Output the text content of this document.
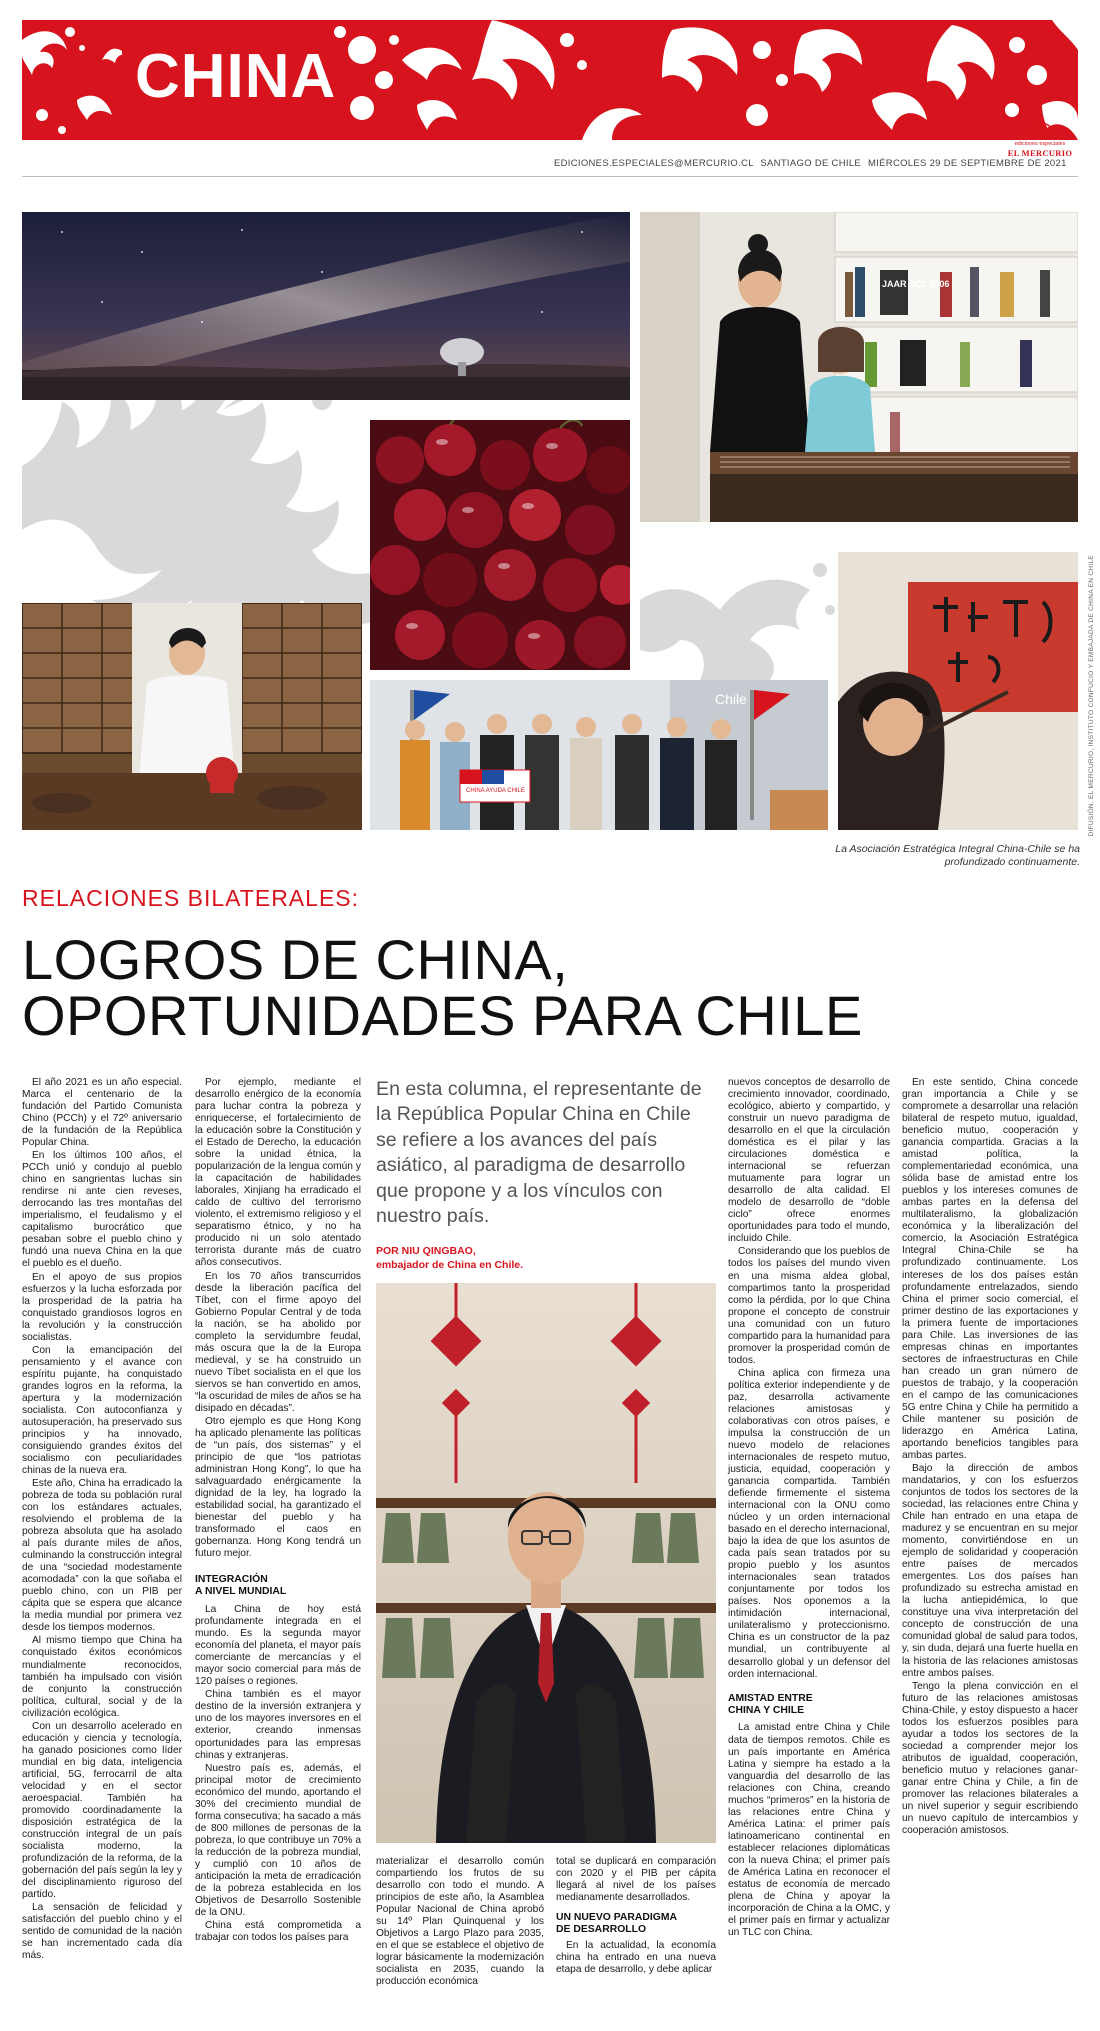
CHINA
ediciones especiales
EL MERCURIO
EDICIONES.ESPECIALES@MERCURIO.CL SANTIAGO DE CHILE MIÉRCOLES 29 DE SEPTIEMBRE DE 2021
JAAR SCL 2006
Chile
CHINA AYUDA CHILE	DIFUSIÓN, EL MERCURIO, INSTITUTO CONFUCIO Y EMBAJADA DE CHINA EN CHILE
La Asociación Estratégica Integral China-Chile se ha profundizado continuamente.
RELACIONES BILATERALES:
LOGROS DE CHINA,
OPORTUNIDADES PARA CHILE

El año 2021 es un año especial. Marca el centenario de la fundación del Partido Comunista Chino (PCCh) y el 72º aniversario de la fundación de la República Popular China.

En los últimos 100 años, el PCCh unió y condujo al pueblo chino en sangrientas luchas sin rendirse ni ante cien reveses, derrocando las tres montañas del imperialismo, el feudalismo y el capitalismo burocrático que pesaban sobre el pueblo chino y fundó una nueva China en la que el pueblo es el dueño.

En el apoyo de sus propios esfuerzos y la lucha esforzada por la prosperidad de la patria ha conquistado grandiosos logros en la revolución y la construcción socialistas.

Con la emancipación del pensamiento y el avance con espíritu pujante, ha conquistado grandes logros en la reforma, la apertura y la modernización socialista. Con autoconfianza y autosuperación, ha preservado sus principios y ha innovado, consiguiendo grandes éxitos del socialismo con peculiaridades chinas de la nueva era.

Este año, China ha erradicado la pobreza de toda su población rural con los estándares actuales, resolviendo el problema de la pobreza absoluta que ha asolado al país durante miles de años, culminando la construcción integral de una “sociedad modestamente acomodada” con la que soñaba el pueblo chino, con un PIB per cápita que se espera que alcance la media mundial por primera vez desde los tiempos modernos.

Al mismo tiempo que China ha conquistado éxitos económicos mundialmente reconocidos, también ha impulsado con visión de conjunto la construcción política, cultural, social y de la civilización ecológica.

Con un desarrollo acelerado en educación y ciencia y tecnología, ha ganado posiciones como líder mundial en big data, inteligencia artificial, 5G, ferrocarril de alta velocidad y en el sector aeroespacial. También ha promovido coordinadamente la disposición estratégica de la construcción integral de un país socialista moderno, la profundización de la reforma, de la gobernación del país según la ley y del disciplinamiento riguroso del partido.

La sensación de felicidad y satisfacción del pueblo chino y el sentido de comunidad de la nación se han incrementado cada día más.

Por ejemplo, mediante el desarrollo enérgico de la economía para luchar contra la pobreza y enriquecerse, el fortalecimiento de la educación sobre la Constitución y el Estado de Derecho, la educación sobre la unidad étnica, la popularización de la lengua común y la capacitación de habilidades laborales, Xinjiang ha erradicado el caldo de cultivo del terrorismo violento, el extremismo religioso y el separatismo étnico, y no ha producido ni un solo atentado terrorista durante más de cuatro años consecutivos.

En los 70 años transcurridos desde la liberación pacífica del Tíbet, con el firme apoyo del Gobierno Popular Central y de toda la nación, se ha abolido por completo la servidumbre feudal, más oscura que la de la Europa medieval, y se ha construido un nuevo Tíbet socialista en el que los siervos se han convertido en amos, “la oscuridad de miles de años se ha disipado en décadas”.

Otro ejemplo es que Hong Kong ha aplicado plenamente las políticas de “un país, dos sistemas” y el principio de que “los patriotas administran Hong Kong”, lo que ha salvaguardado enérgicamente la dignidad de la ley, ha logrado la estabilidad social, ha garantizado el bienestar del pueblo y ha transformado el caos en gobernanza. Hong Kong tendrá un futuro mejor.

INTEGRACIÓN
A NIVEL MUNDIAL

La China de hoy está profundamente integrada en el mundo. Es la segunda mayor economía del planeta, el mayor país comerciante de mercancías y el mayor socio comercial para más de 120 países o regiones.

China también es el mayor destino de la inversión extranjera y uno de los mayores inversores en el exterior, creando inmensas oportunidades para las empresas chinas y extranjeras.

Nuestro país es, además, el principal motor de crecimiento económico del mundo, aportando el 30% del crecimiento mundial de forma consecutiva; ha sacado a más de 800 millones de personas de la pobreza, lo que contribuye un 70% a la reducción de la pobreza mundial, y cumplió con 10 años de anticipación la meta de erradicación de la pobreza establecida en los Objetivos de Desarrollo Sostenible de la ONU.

China está comprometida a trabajar con todos los países para

En esta columna, el representante de la República Popular China en Chile se refiere a los avances del país asiático, al paradigma de desarrollo que propone y a los vínculos con nuestro país.
POR NIU QINGBAO,
embajador de China en Chile.

materializar el desarrollo común compartiendo los frutos de su desarrollo con todo el mundo. A principios de este año, la Asamblea Popular Nacional de China aprobó su 14º Plan Quinquenal y los Objetivos a Largo Plazo para 2035, en el que se establece el objetivo de lograr básicamente la modernización socialista en 2035, cuando la producción económica

total se duplicará en comparación con 2020 y el PIB per cápita llegará al nivel de los países medianamente desarrollados.

UN NUEVO PARADIGMA
DE DESARROLLO

En la actualidad, la economía china ha entrado en una nueva etapa de desarrollo, y debe aplicar

nuevos conceptos de desarrollo de crecimiento innovador, coordinado, ecológico, abierto y compartido, y construir un nuevo paradigma de desarrollo en el que la circulación doméstica es el pilar y las circulaciones doméstica e internacional se refuerzan mutuamente para lograr un desarrollo de alta calidad. El modelo de desarrollo de “doble ciclo” ofrece enormes oportunidades para todo el mundo, incluido Chile.

Considerando que los pueblos de todos los países del mundo viven en una misma aldea global, compartimos tanto la prosperidad como la pérdida, por lo que China propone el concepto de construir una comunidad con un futuro compartido para la humanidad para promover la prosperidad común de todos.

China aplica con firmeza una política exterior independiente y de paz, desarrolla activamente relaciones amistosas y colaborativas con otros países, e impulsa la construcción de un nuevo modelo de relaciones internacionales de respeto mutuo, justicia, equidad, cooperación y ganancia compartida. También defiende firmemente el sistema internacional con la ONU como núcleo y un orden internacional basado en el derecho internacional, bajo la idea de que los asuntos de cada país sean tratados por su propio pueblo y los asuntos internacionales sean tratados conjuntamente por todos los países. Nos oponemos a la intimidación internacional, unilateralismo y proteccionismo. China es un constructor de la paz mundial, un contribuyente al desarrollo global y un defensor del orden internacional.

AMISTAD ENTRE
CHINA Y CHILE

La amistad entre China y Chile data de tiempos remotos. Chile es un país importante en América Latina y siempre ha estado a la vanguardia del desarrollo de las relaciones con China, creando muchos “primeros” en la historia de las relaciones entre China y América Latina: el primer país latinoamericano continental en establecer relaciones diplomáticas con la nueva China; el primer país de América Latina en reconocer el estatus de economía de mercado plena de China y apoyar la incorporación de China a la OMC, y el primer país en firmar y actualizar un TLC con China.

En este sentido, China concede gran importancia a Chile y se compromete a desarrollar una relación bilateral de respeto mutuo, igualdad, beneficio mutuo, cooperación y ganancia compartida. Gracias a la amistad política, la complementariedad económica, una sólida base de amistad entre los pueblos y los intereses comunes de ambas partes en la defensa del multilateralismo, la globalización económica y la liberalización del comercio, la Asociación Estratégica Integral China-Chile se ha profundizado continuamente. Los intereses de los dos países están profundamente entrelazados, siendo China el primer socio comercial, el primer destino de las exportaciones y la primera fuente de importaciones para Chile. Las inversiones de las empresas chinas en importantes sectores de infraestructuras en Chile han creado un gran número de puestos de trabajo, y la cooperación en el campo de las comunicaciones 5G entre China y Chile ha permitido a Chile mantener su posición de liderazgo en América Latina, aportando beneficios tangibles para ambas partes.

Bajo la dirección de ambos mandatarios, y con los esfuerzos conjuntos de todos los sectores de la sociedad, las relaciones entre China y Chile han entrado en una etapa de madurez y se encuentran en su mejor momento, convirtiéndose en un ejemplo de solidaridad y cooperación entre países de mercados emergentes. Los dos países han profundizado su estrecha amistad en la lucha antiepidémica, lo que constituye una viva interpretación del concepto de construcción de una comunidad global de salud para todos, y, sin duda, dejará una fuerte huella en la historia de las relaciones amistosas entre ambos países.

Tengo la plena convicción en el futuro de las relaciones amistosas China-Chile, y estoy dispuesto a hacer todos los esfuerzos posibles para ayudar a todos los sectores de la sociedad a comprender mejor los atributos de igualdad, cooperación, beneficio mutuo y relaciones ganar-ganar entre China y Chile, a fin de promover las relaciones bilaterales a un nivel superior y seguir escribiendo un nuevo capítulo de intercambios y cooperación amistosos.
